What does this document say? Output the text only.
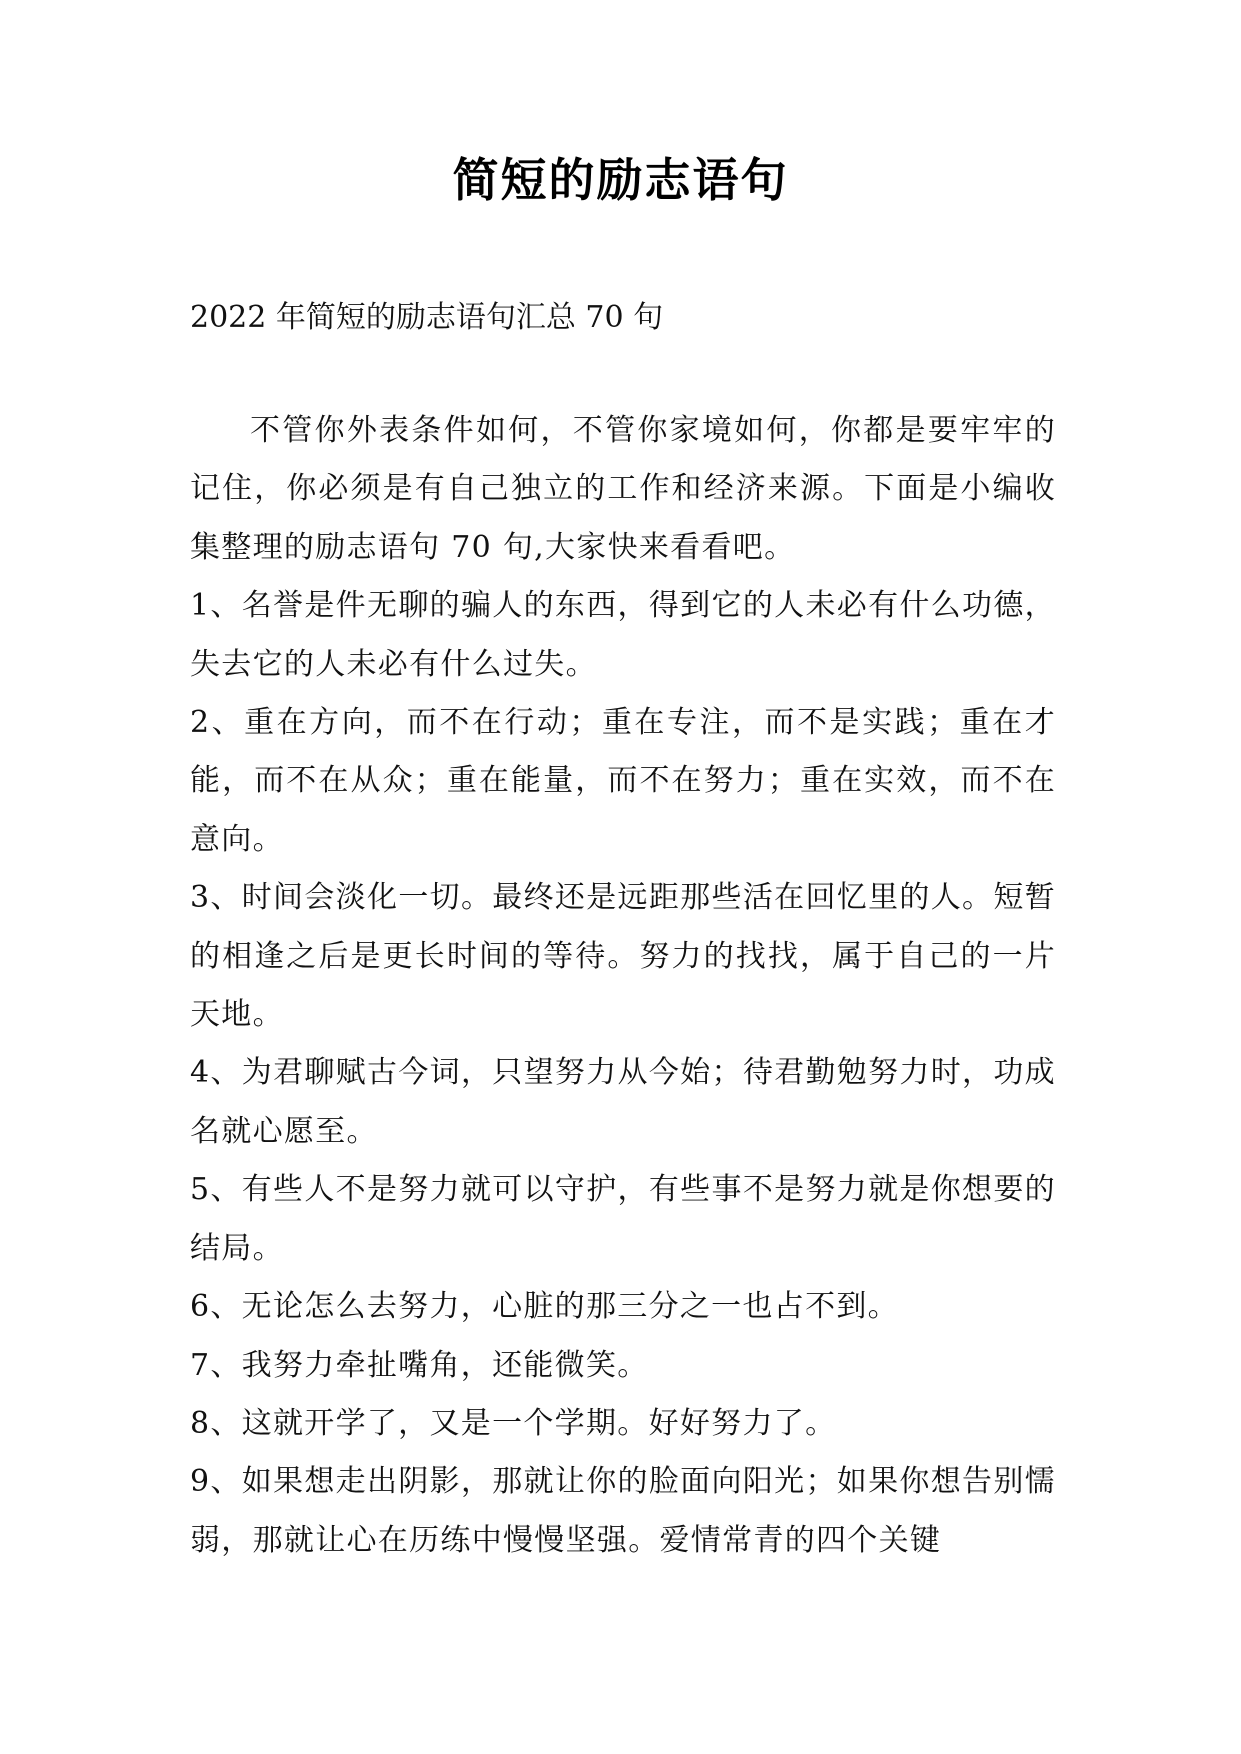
简短的励志语句
2022 年简短的励志语句汇总 70 句

不管你外表条件如何，不管你家境如何，你都是要牢牢的记住，你必须是有自己独立的工作和经济来源。下面是小编收集整理的励志语句 70 句,大家快来看看吧。

1、名誉是件无聊的骗人的东西，得到它的人未必有什么功德，失去它的人未必有什么过失。

2、重在方向，而不在行动；重在专注，而不是实践；重在才能，而不在从众；重在能量，而不在努力；重在实效，而不在意向。

3、时间会淡化一切。最终还是远距那些活在回忆里的人。短暂的相逢之后是更长时间的等待。努力的找找，属于自己的一片天地。

4、为君聊赋古今词，只望努力从今始；待君勤勉努力时，功成名就心愿至。

5、有些人不是努力就可以守护，有些事不是努力就是你想要的结局。

6、无论怎么去努力，心脏的那三分之一也占不到。

7、我努力牵扯嘴角，还能微笑。

8、这就开学了，又是一个学期。好好努力了。

9、如果想走出阴影，那就让你的脸面向阳光；如果你想告别懦弱，那就让心在历练中慢慢坚强。爱情常青的四个关键
